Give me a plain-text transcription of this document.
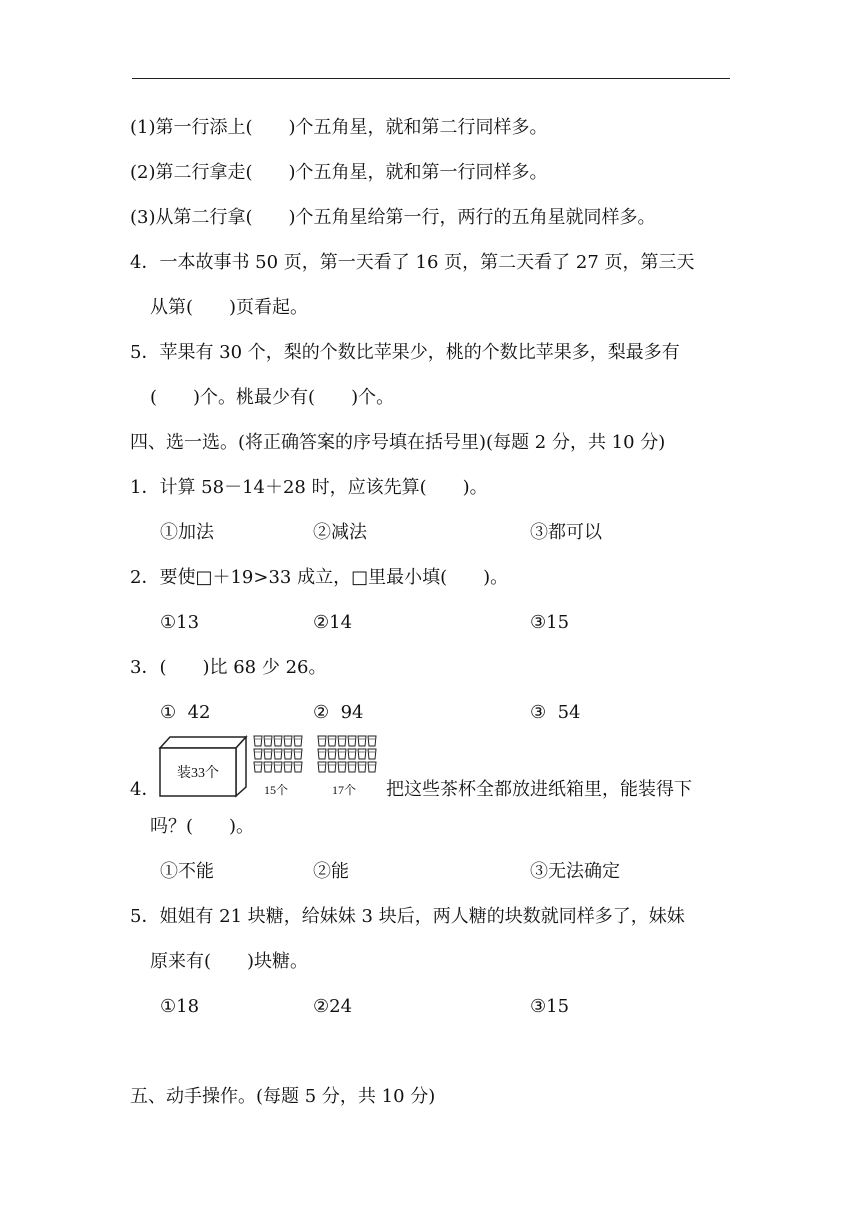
(1)第一行添上(　　)个五角星，就和第二行同样多。
(2)第二行拿走(　　)个五角星，就和第一行同样多。
(3)从第二行拿(　　)个五角星给第一行，两行的五角星就同样多。
4．一本故事书 50 页，第一天看了 16 页，第二天看了 27 页，第三天
从第(　　)页看起。
5．苹果有 30 个，梨的个数比苹果少，桃的个数比苹果多，梨最多有
(　　)个。桃最少有(　　)个。
四、选一选。(将正确答案的序号填在括号里)(每题 2 分，共 10 分)
1．计算 58－14＋28 时，应该先算(　　)。
①加法	②减法	③都可以
2．要使□＋19>33 成立，□里最小填(　　)。
①13	②14	③15
3．(　　)比 68 少 26。
①  42	②  94	③  54
4．
装33个
15个	17个 把这些茶杯全都放进纸箱里，能装得下
吗？(　　)。
①不能	②能	③无法确定
5．姐姐有 21 块糖，给妹妹 3 块后，两人糖的块数就同样多了，妹妹
原来有(　　)块糖。
①18	②24	③15
五、动手操作。(每题 5 分，共 10 分)
